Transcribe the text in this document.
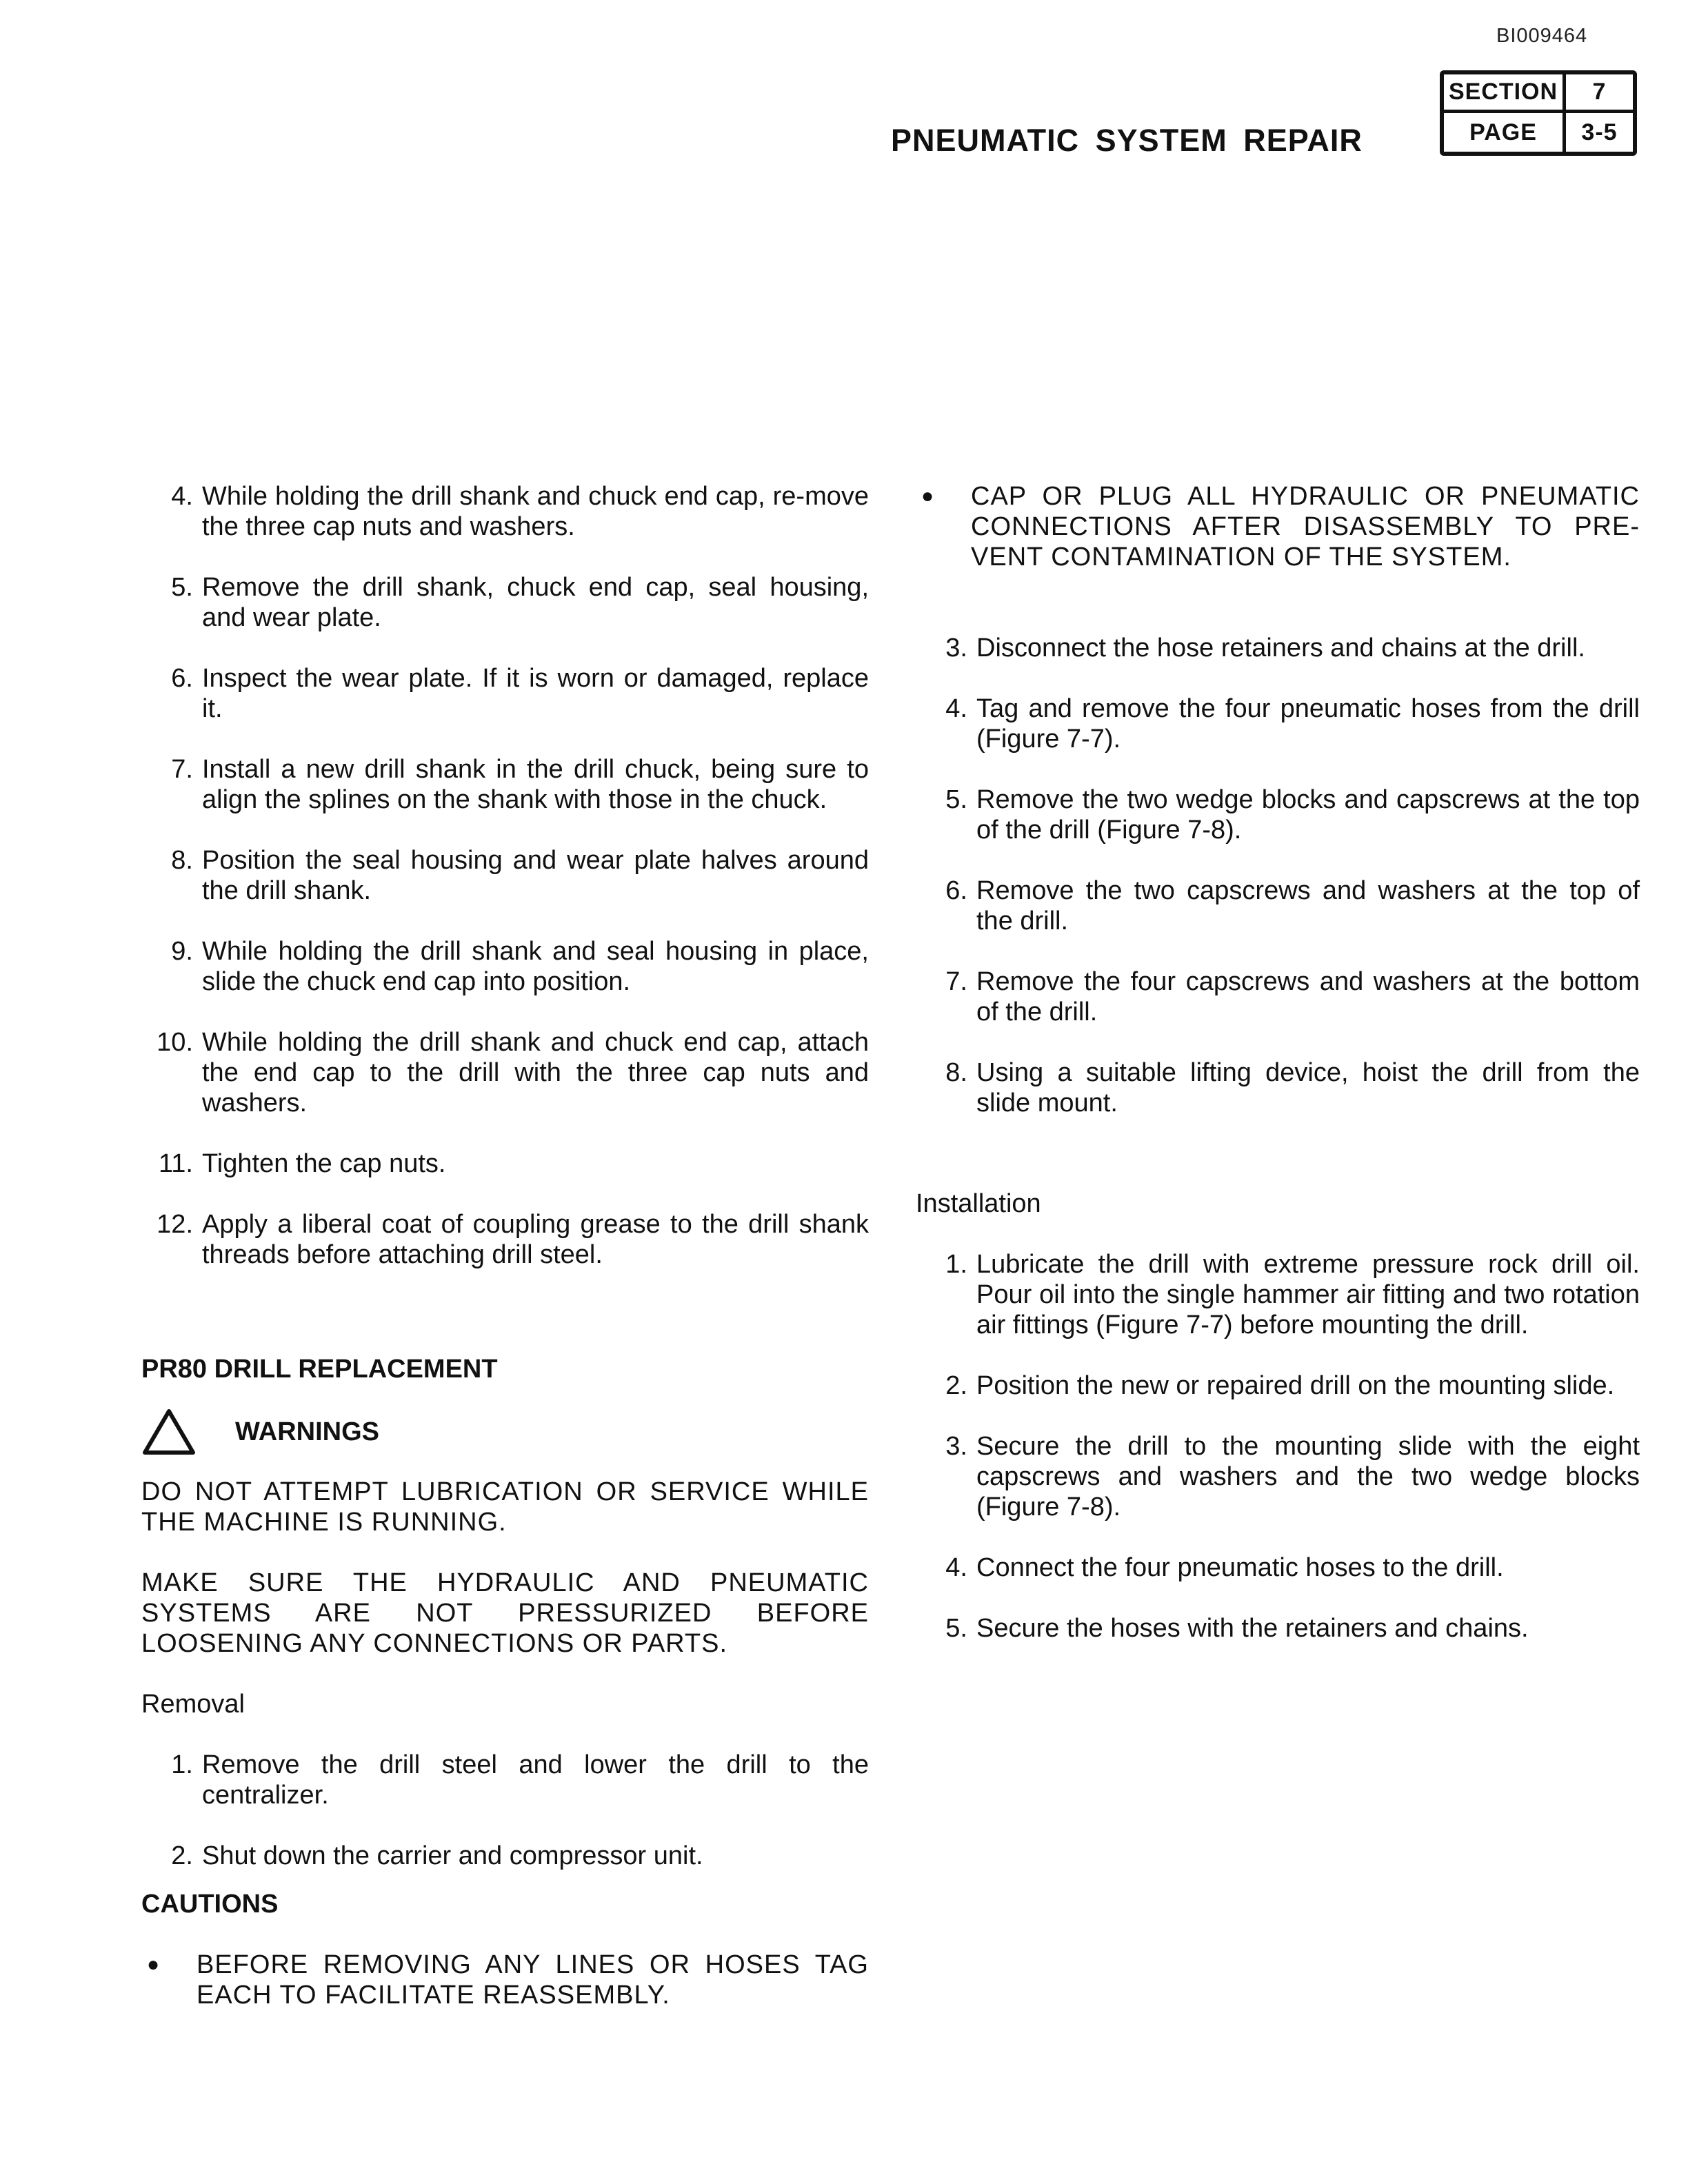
BI009464
PNEUMATIC SYSTEM REPAIR
SECTION	7
PAGE	3-5
4. While holding the drill shank and chuck end cap, re-move the three cap nuts and washers.
5. Remove the drill shank, chuck end cap, seal housing, and wear plate.
6. Inspect the wear plate. If it is worn or damaged, replace it.
7. Install a new drill shank in the drill chuck, being sure to align the splines on the shank with those in the chuck.
8. Position the seal housing and wear plate halves around the drill shank.
9. While holding the drill shank and seal housing in place, slide the chuck end cap into position.
10. While holding the drill shank and chuck end cap, attach the end cap to the drill with the three cap nuts and washers.
11. Tighten the cap nuts.
12. Apply a liberal coat of coupling grease to the drill shank threads before attaching drill steel.

PR80 DRILL REPLACEMENT

WARNINGS

DO NOT ATTEMPT LUBRICATION OR SERVICE WHILE THE MACHINE IS RUNNING.

MAKE SURE THE HYDRAULIC AND PNEUMATIC SYSTEMS ARE NOT PRESSURIZED BEFORE LOOSENING ANY CONNECTIONS OR PARTS.

Removal

1. Remove the drill steel and lower the drill to the centralizer.
2. Shut down the carrier and compressor unit.

CAUTIONS

●	BEFORE REMOVING ANY LINES OR HOSES TAG EACH TO FACILITATE REASSEMBLY.
●	CAP OR PLUG ALL HYDRAULIC OR PNEUMATIC CONNECTIONS AFTER DISASSEMBLY TO PRE-VENT CONTAMINATION OF THE SYSTEM.
3. Disconnect the hose retainers and chains at the drill.
4. Tag and remove the four pneumatic hoses from the drill (Figure 7-7).
5. Remove the two wedge blocks and capscrews at the top of the drill (Figure 7-8).
6. Remove the two capscrews and washers at the top of the drill.
7. Remove the four capscrews and washers at the bottom of the drill.
8. Using a suitable lifting device, hoist the drill from the slide mount.

Installation

1. Lubricate the drill with extreme pressure rock drill oil. Pour oil into the single hammer air fitting and two rotation air fittings (Figure 7-7) before mounting the drill.
2. Position the new or repaired drill on the mounting slide.
3. Secure the drill to the mounting slide with the eight capscrews and washers and the two wedge blocks (Figure 7-8).
4. Connect the four pneumatic hoses to the drill.
5. Secure the hoses with the retainers and chains.
